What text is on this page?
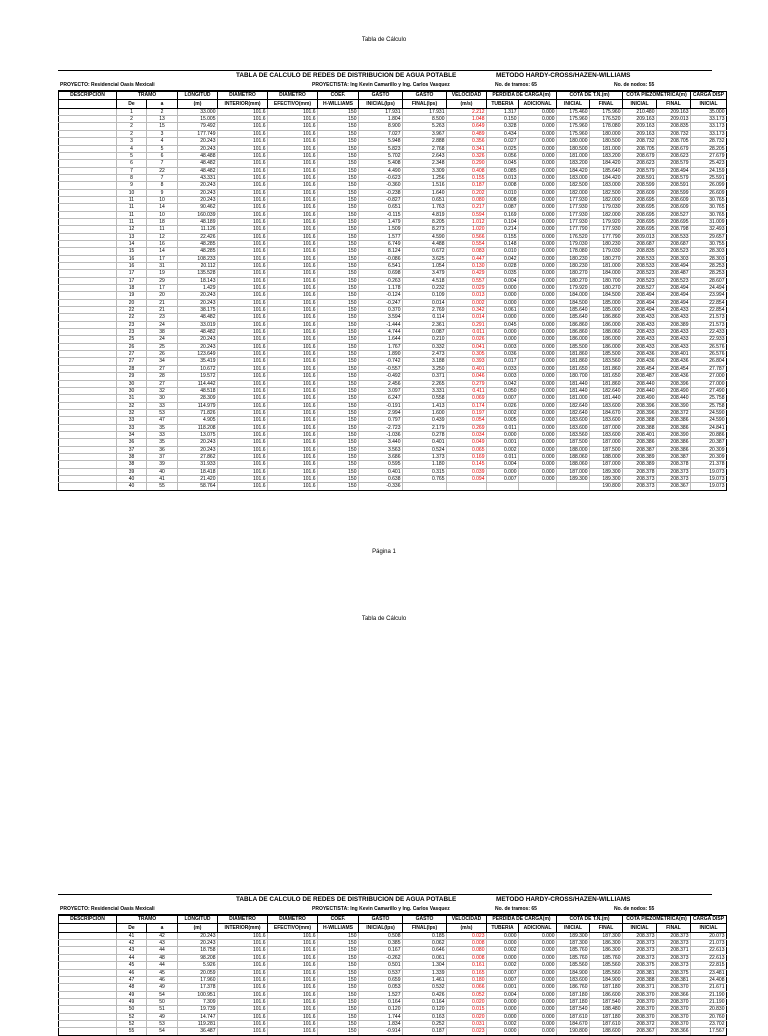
Tabla de Cálculo
TABLA DE CALCULO DE REDES DE DISTRIBUCION DE AGUA POTABLE	METODO HARDY-CROSS/HAZEN-WILLIAMS
PROYECTO: Residencial Oasis Mexicali	PROYECTISTA: Ing Kevin Camarillo y Ing. Carlos Vasquez	No. de tramos: 65	No. de nodos: 55
DESCRIPCION	TRAMO		LONGITUD	DIAMETRO	DIAMETRO	COEF.	GASTO	GASTO	VELOCIDAD	PERDIDA DE CARGA(m)		COTA DE T.N.(m)		COTA PIEZOMETRICA(m)		CARGA DISP
	De	a	(m)	INTERIOR(mm)	EFECTIVO(mm)	H-WILLIAMS	INICIAL(lps)	FINAL(lps)	(m/s)	TUBERIA	ADICIONAL	INICIAL	FINAL	INICIAL	FINAL	INICIAL
	1	2	33.000	101.6	101.6	150	17.931	17.931	2.212	1.317	0.000	175.460	175.960	210.480	209.163	35.000
	2	13	15.005	101.6	101.6	150	1.804	8.500	1.048	0.150	0.000	175.960	176.520	209.163	209.013	33.173
	2	15	79.492	101.6	101.6	150	8.900	5.263	0.649	0.328	0.000	175.960	178.080	209.163	208.835	33.173
	2	3	177.749	101.6	101.6	150	7.027	3.967	0.489	0.434	0.000	175.960	180.000	209.163	208.732	33.173
	3	4	20.243	101.6	101.6	150	5.948	2.888	0.356	0.027	0.000	180.000	180.500	208.732	208.705	28.732
	4	5	20.243	101.6	101.6	150	5.823	2.768	0.341	0.025	0.000	180.500	181.000	208.705	208.679	28.205
	5	6	48.488	101.6	101.6	150	5.702	2.643	0.326	0.056	0.000	181.000	183.200	208.679	208.623	27.679
	6	7	48.482	101.6	101.6	150	5.408	2.348	0.290	0.045	0.000	183.200	184.420	208.623	208.579	25.423
	7	22	48.482	101.6	101.6	150	4.490	3.309	0.408	0.085	0.000	184.420	185.640	208.579	208.494	24.159
	8	7	43.331	101.6	101.6	150	-0.623	1.256	0.155	0.013	0.000	183.000	184.420	208.591	208.579	25.591
	9	8	20.243	101.6	101.6	150	-0.360	1.516	0.187	0.008	0.000	182.500	183.000	208.599	208.591	26.099
	10	9	20.243	101.6	101.6	150	-0.238	1.640	0.202	0.010	0.000	182.000	182.500	208.609	208.599	26.609
	11	10	20.243	101.6	101.6	150	-0.827	0.651	0.080	0.008	0.000	177.930	182.000	208.695	208.609	30.765
	11	14	90.462	101.6	101.6	150	0.651	1.763	0.217	0.087	0.000	177.930	179.030	208.695	208.609	30.765
	11	10	160.039	101.6	101.6	150	-0.115	4.819	0.594	0.169	0.000	177.930	182.000	208.695	208.527	30.765
	11	18	48.189	101.6	101.6	150	1.479	8.205	1.012	0.104	0.000	177.930	179.920	208.695	208.695	31.009
	12	11	11.126	101.6	101.6	150	1.509	8.273	1.020	0.214	0.000	177.790	177.930	208.695	208.798	32.493
	13	12	22.426	101.6	101.6	150	1.577	4.590	0.566	0.155	0.000	176.520	177.790	209.013	208.533	29.657
	14	16	48.285	101.6	101.6	150	6.749	4.488	0.554	0.148	0.000	179.030	180.230	208.687	208.687	30.755
	15	14	48.285	101.6	101.6	150	8.124	0.672	0.083	0.010	0.000	178.080	179.030	208.835	208.523	28.303
	16	17	108.233	101.6	101.6	150	-0.086	3.625	0.447	0.042	0.000	180.230	180.270	208.533	208.303	28.303
	16	31	20.112	101.6	101.6	150	6.541	1.054	0.130	0.028	0.000	180.230	181.000	208.533	208.494	28.253
	17	19	135.528	101.6	101.6	150	0.698	3.479	0.429	0.035	0.000	180.270	184.000	208.523	208.487	28.253
	17	29	18.143	101.6	101.6	150	-0.263	4.518	0.557	0.004	0.000	180.270	180.700	208.523	208.523	28.607
	18	17	1.429	101.6	101.6	150	1.178	0.232	0.029	0.000	0.000	179.920	180.270	208.527	208.494	24.494
	19	20	20.243	101.6	101.6	150	-0.124	0.109	0.013	0.000	0.000	184.000	184.500	208.494	208.494	23.994
	20	21	20.243	101.6	101.6	150	-0.247	0.014	0.002	0.000	0.000	184.500	185.000	208.494	208.494	22.854
	22	21	38.175	101.6	101.6	150	0.370	2.769	0.342	0.061	0.000	185.640	185.000	208.494	208.433	22.854
	22	23	48.482	101.6	101.6	150	3.594	0.114	0.014	0.000	0.000	185.640	186.860	208.433	208.433	21.573
	23	24	33.019	101.6	101.6	150	-1.444	2.361	0.291	0.045	0.000	186.860	186.000	208.433	208.389	21.573
	23	38	48.482	101.6	101.6	150	4.744	0.087	0.011	0.000	0.000	186.860	188.060	208.433	208.433	22.433
	25	24	20.243	101.6	101.6	150	1.644	0.210	0.026	0.000	0.000	186.000	186.000	208.433	208.433	22.933
	26	25	20.243	101.6	101.6	150	1.767	0.332	0.041	0.003	0.000	185.500	186.000	208.433	208.433	26.576
	27	26	123.649	101.6	101.6	150	1.890	2.473	0.305	0.036	0.000	181.860	185.500	208.436	208.401	26.576
	27	34	35.419	101.6	101.6	150	-0.742	3.188	0.393	0.017	0.000	181.860	183.560	208.436	208.436	26.804
	28	27	10.672	101.6	101.6	150	-0.557	3.250	0.401	0.033	0.000	181.650	181.860	208.454	208.454	27.787
	29	28	19.572	101.6	101.6	150	-0.492	0.371	0.046	0.003	0.000	180.700	181.650	208.487	208.436	27.000
	30	27	114.442	101.6	101.6	150	2.456	2.265	0.279	0.042	0.000	181.440	181.860	208.440	208.396	27.000
	30	32	48.518	101.6	101.6	150	3.097	3.331	0.411	0.050	0.000	181.440	182.640	208.440	208.490	27.490
	31	30	28.309	101.6	101.6	150	6.247	0.558	0.069	0.007	0.000	181.000	181.440	208.490	208.440	25.758
	32	33	114.979	101.6	101.6	150	-0.191	1.413	0.174	0.026	0.000	182.640	183.600	208.396	208.390	25.758
	32	53	71.826	101.6	101.6	150	2.994	1.600	0.197	0.002	0.000	182.640	184.670	208.396	208.372	24.590
	33	47	4.905	101.6	101.6	150	0.797	0.439	0.054	0.005	0.000	183.600	183.600	208.388	208.386	24.590
	33	35	118.208	101.6	101.6	150	-2.723	2.179	0.269	0.011	0.000	183.600	187.000	208.388	208.386	24.841
	34	33	13.075	101.6	101.6	150	-1.036	0.278	0.034	0.000	0.000	183.560	183.600	208.401	208.390	20.886
	36	35	20.243	101.6	101.6	150	3.440	0.401	0.049	0.001	0.000	187.500	187.000	208.386	208.386	20.387
	37	36	20.243	101.6	101.6	150	3.563	0.524	0.065	0.002	0.000	188.000	187.500	208.387	208.386	20.309
	38	37	27.862	101.6	101.6	150	3.686	1.373	0.169	0.011	0.000	188.060	188.000	208.389	208.387	20.309
	38	39	31.933	101.6	101.6	150	0.595	1.180	0.145	0.004	0.000	188.060	187.000	208.389	208.378	21.378
	39	40	18.418	101.6	101.6	150	0.401	0.315	0.039	0.000	0.000	187.000	189.300	208.378	208.373	19.073
	40	41	21.420	101.6	101.6	150	0.638	0.765	0.094	0.007	0.000	189.300	189.300	208.373	208.373	19.073
	40	55	58.764	101.6	101.6	150	-0.336						190.800	208.373	208.367	19.073
Página 1
Tabla de Cálculo
TABLA DE CALCULO DE REDES DE DISTRIBUCION DE AGUA POTABLE	METODO HARDY-CROSS/HAZEN-WILLIAMS
PROYECTO: Residencial Oasis Mexicali	PROYECTISTA: Ing Kevin Camarillo y Ing. Carlos Vasquez	No. de tramos: 65	No. de nodos: 55
DESCRIPCION	TRAMO		LONGITUD	DIAMETRO	DIAMETRO	COEF.	GASTO	GASTO	VELOCIDAD	PERDIDA DE CARGA(m)		COTA DE T.N.(m)		COTA PIEZOMETRICA(m)		CARGA DISP
	De	a	(m)	INTERIOR(mm)	EFECTIVO(mm)	H-WILLIAMS	INICIAL(lps)	FINAL(lps)	(m/s)	TUBERIA	ADICIONAL	INICIAL	FINAL	INICIAL	FINAL	INICIAL
	41	42	20.243	101.6	101.6	150	0.508	0.185	0.023	0.000	0.000	189.300	187.300	208.373	208.373	20.073
	42	43	20.243	101.6	101.6	150	0.385	0.062	0.008	0.000	0.000	187.300	186.300	208.373	208.373	21.073
	43	44	18.758	101.6	101.6	150	0.167	0.646	0.080	0.002	0.000	185.760	186.300	208.373	208.371	22.613
	44	48	98.208	101.6	101.6	150	-0.262	0.061	0.008	0.000	0.000	185.760	185.760	208.373	208.373	22.613
	45	44	5.926	101.6	101.6	150	0.501	1.304	0.161	0.002	0.000	185.560	185.560	208.375	208.373	22.815
	46	45	20.059	101.6	101.6	150	0.537	1.339	0.165	0.007	0.000	184.900	185.560	208.381	208.375	23.481
	47	46	17.960	101.6	101.6	150	0.659	1.461	0.180	0.007	0.000	183.600	184.900	208.388	208.381	24.408
	48	49	17.378	101.6	101.6	150	0.053	0.532	0.066	0.001	0.000	186.760	187.180	208.371	208.370	21.671
	49	54	100.951	101.6	101.6	150	1.527	0.426	0.052	0.004	0.000	187.180	186.600	208.370	208.366	21.190
	49	50	7.309	101.6	101.6	150	0.164	0.164	0.020	0.000	0.000	187.180	187.540	208.370	208.370	21.190
	50	51	19.739	101.6	101.6	150	0.120	0.120	0.015	0.000	0.000	187.540	188.480	208.370	208.370	20.830
	52	49	14.747	101.6	101.6	150	1.744	0.163	0.020	0.000	0.000	187.610	187.180	208.370	208.370	20.760
	52	53	119.281	101.6	101.6	150	1.834	0.252	0.031	0.002	0.000	184.670	187.610	208.372	208.370	23.702
	55	54	36.487	101.6	101.6	150	-0.914	0.187	0.023	0.000	0.000	190.800	188.600	208.367	208.366	17.567
